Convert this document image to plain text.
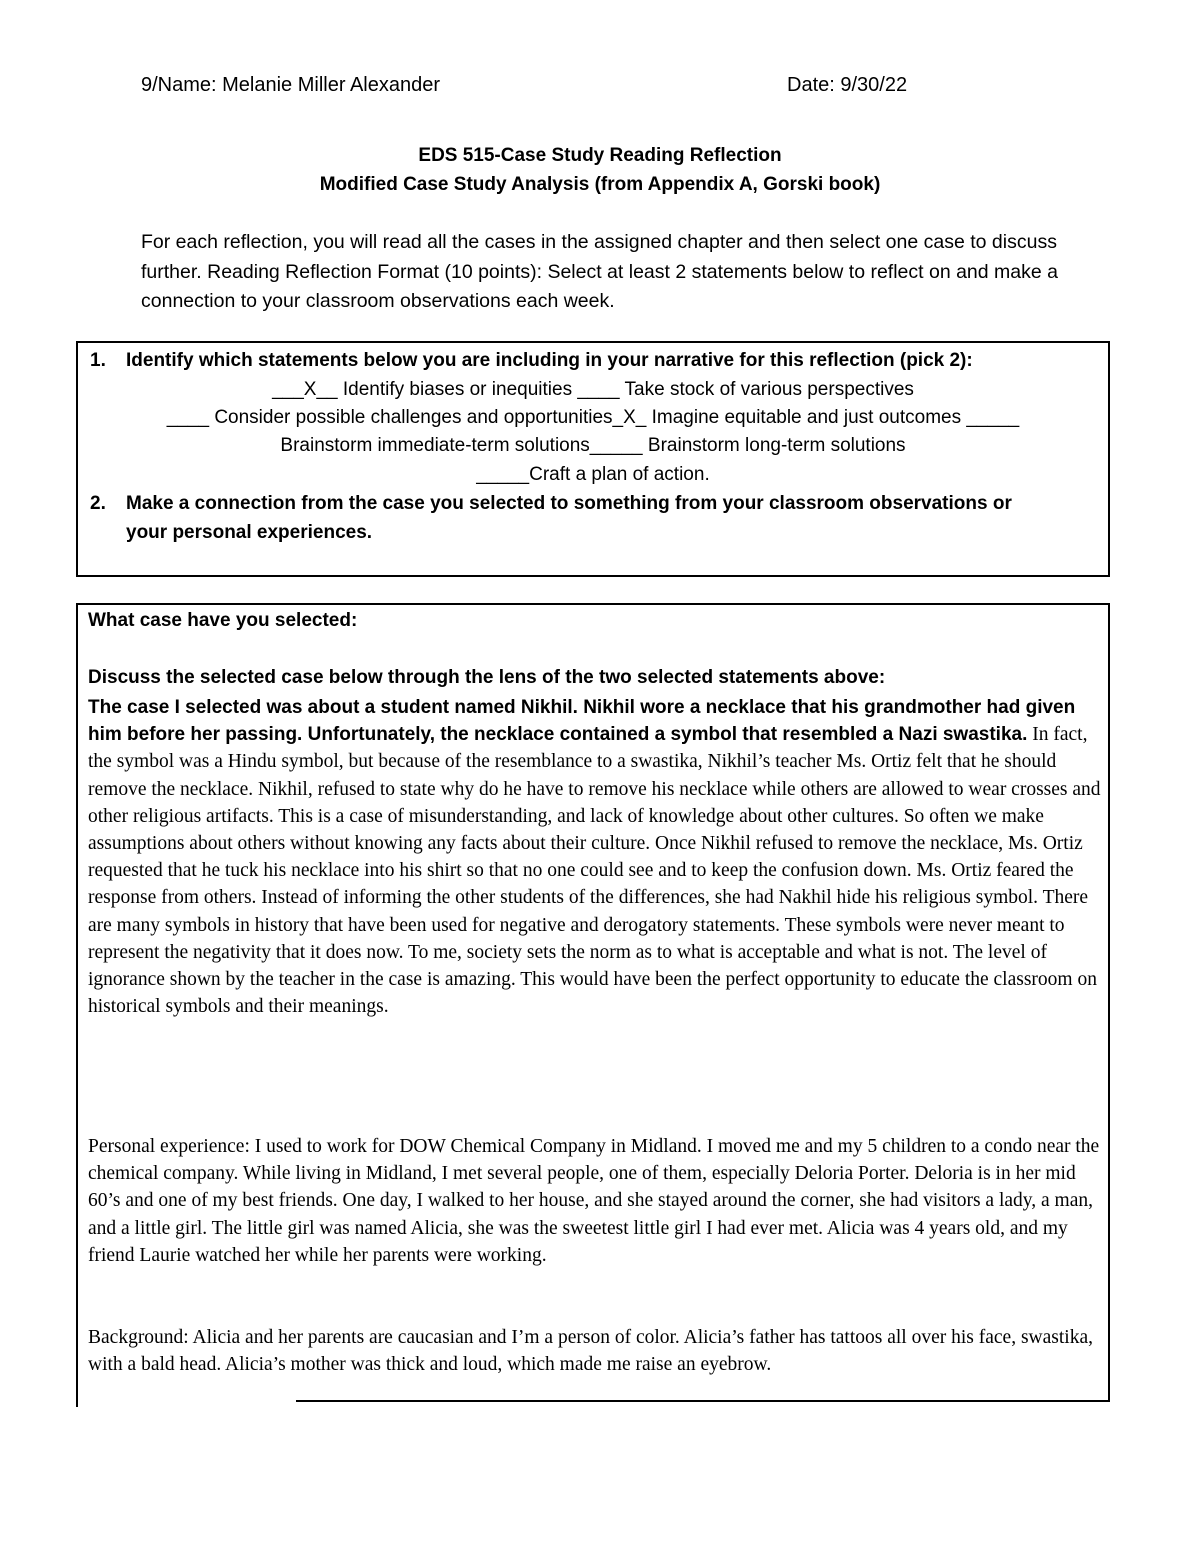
9/Name: Melanie Miller Alexander	Date: 9/30/22
EDS 515-Case Study Reading Reflection
Modified Case Study Analysis (from Appendix A, Gorski book)
For each reflection, you will read all the cases in the assigned chapter and then select one case to discuss further. Reading Reflection Format (10 points): Select at least 2 statements below to reflect on and make a connection to your classroom observations each week.
1. Identify which statements below you are including in your narrative for this reflection (pick 2):
___X__ Identify biases or inequities ____ Take stock of various perspectives
____ Consider possible challenges and opportunities_X_ Imagine equitable and just outcomes _____
Brainstorm immediate-term solutions_____ Brainstorm long-term solutions
_____Craft a plan of action.
2. Make a connection from the case you selected to something from your classroom observations or
your personal experiences.
What case have you selected:
Discuss the selected case below through the lens of the two selected statements above:

The case I selected was about a student named Nikhil. Nikhil wore a necklace that his grandmother had given him before her passing. Unfortunately, the necklace contained a symbol that resembled a Nazi swastika. In fact, the symbol was a Hindu symbol, but because of the resemblance to a swastika, Nikhil’s teacher Ms. Ortiz felt that he should remove the necklace. Nikhil, refused to state why do he have to remove his necklace while others are allowed to wear crosses and other religious artifacts. This is a case of misunderstanding, and lack of knowledge about other cultures. So often we make assumptions about others without knowing any facts about their culture. Once Nikhil refused to remove the necklace, Ms. Ortiz requested that he tuck his necklace into his shirt so that no one could see and to keep the confusion down. Ms. Ortiz feared the response from others. Instead of informing the other students of the differences, she had Nakhil hide his religious symbol. There are many symbols in history that have been used for negative and derogatory statements. These symbols were never meant to represent the negativity that it does now. To me, society sets the norm as to what is acceptable and what is not. The level of ignorance shown by the teacher in the case is amazing. This would have been the perfect opportunity to educate the classroom on historical symbols and their meanings.

Personal experience: I used to work for DOW Chemical Company in Midland. I moved me and my 5 children to a condo near the chemical company. While living in Midland, I met several people, one of them, especially Deloria Porter. Deloria is in her mid 60’s and one of my best friends. One day, I walked to her house, and she stayed around the corner, she had visitors a lady, a man, and a little girl. The little girl was named Alicia, she was the sweetest little girl I had ever met. Alicia was 4 years old, and my friend Laurie watched her while her parents were working.
Background: Alicia and her parents are caucasian and I’m a person of color. Alicia’s father has tattoos all over his face, swastika, with a bald head. Alicia’s mother was thick and loud, which made me raise an eyebrow.
